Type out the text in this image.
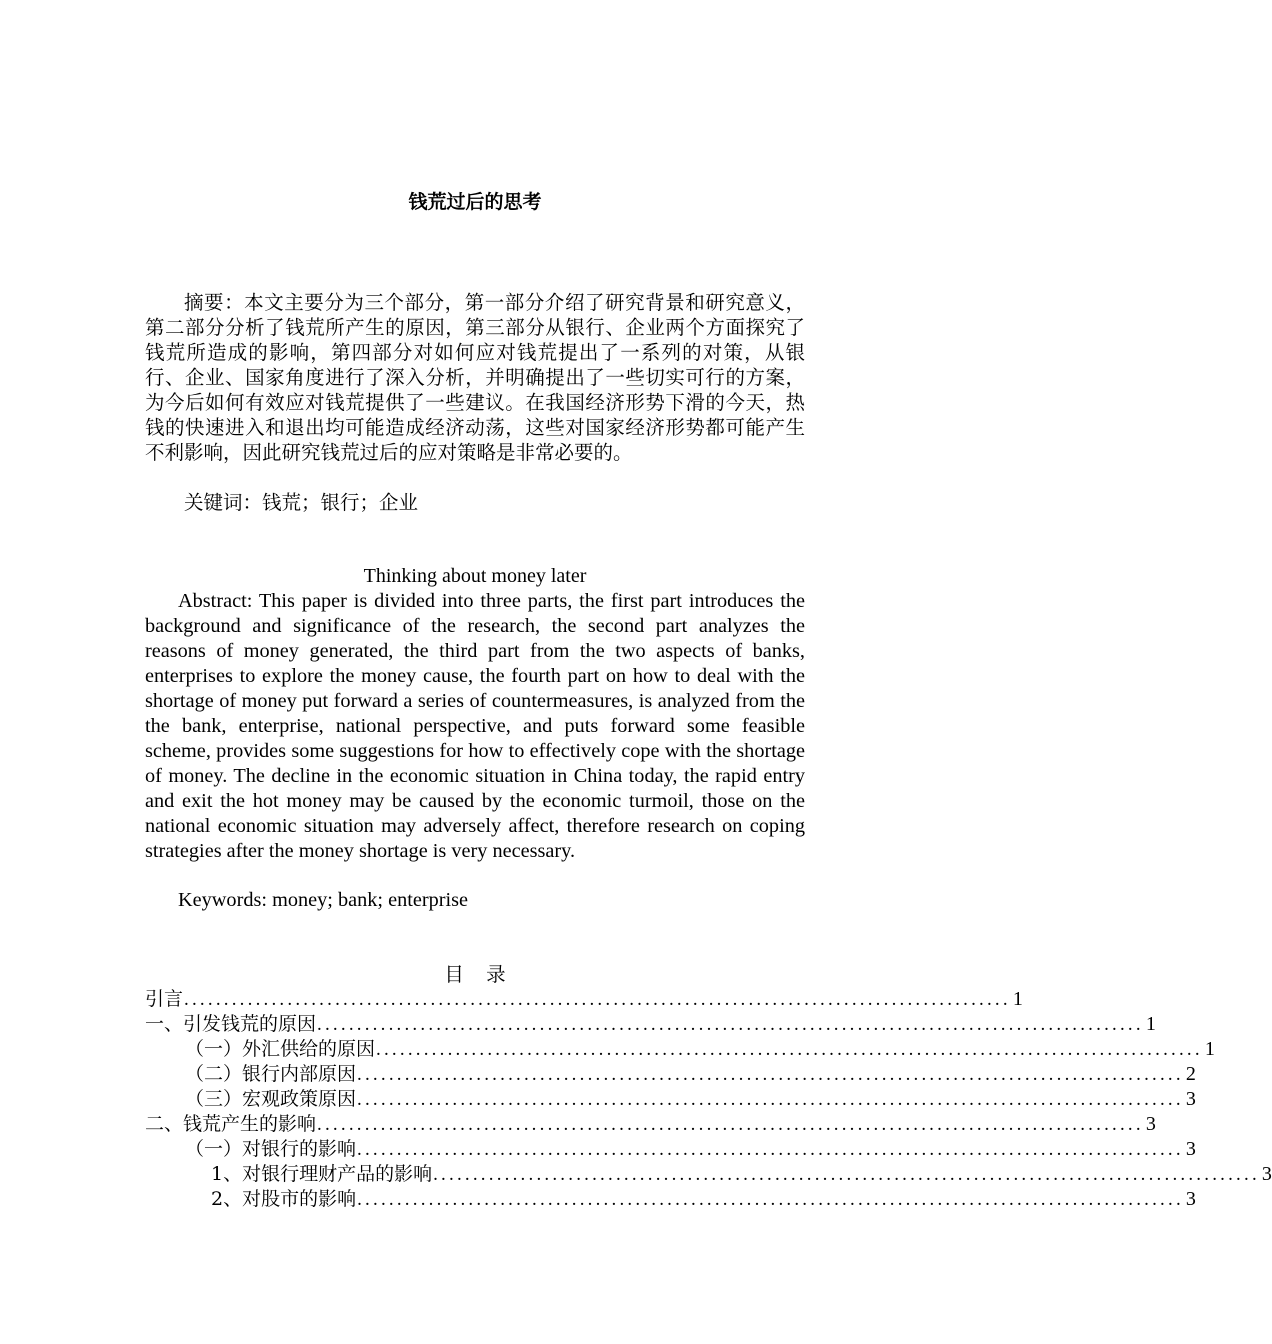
钱荒过后的思考

摘要：本文主要分为三个部分，第一部分介绍了研究背景和研究意义，第二部分分析了钱荒所产生的原因，第三部分从银行、企业两个方面探究了钱荒所造成的影响，第四部分对如何应对钱荒提出了一系列的对策，从银行、企业、国家角度进行了深入分析，并明确提出了一些切实可行的方案，为今后如何有效应对钱荒提供了一些建议。在我国经济形势下滑的今天，热钱的快速进入和退出均可能造成经济动荡，这些对国家经济形势都可能产生不利影响，因此研究钱荒过后的应对策略是非常必要的。

关键词：钱荒；银行；企业

Thinking about money later

Abstract: This paper is divided into three parts, the first part introduces the background and significance of the research, the second part analyzes the reasons of money generated, the third part from the two aspects of banks, enterprises to explore the money cause, the fourth part on how to deal with the shortage of money put forward a series of countermeasures, is analyzed from the the bank, enterprise, national perspective, and puts forward some feasible scheme, provides some suggestions for how to effectively cope with the shortage of money. The decline in the economic situation in China today, the rapid entry and exit the hot money may be caused by the economic turmoil, those on the national economic situation may adversely affect, therefore research on coping strategies after the money shortage is very necessary.

Keywords: money; bank; enterprise

目 录
引言 ........................................................................................................ 1
一、引发钱荒的原因 ........................................................................................................ 1
（一）外汇供给的原因 ........................................................................................................ 1
（二）银行内部原因 ........................................................................................................ 2
（三）宏观政策原因 ........................................................................................................ 3
二、钱荒产生的影响 ........................................................................................................ 3
（一）对银行的影响 ........................................................................................................ 3
1、对银行理财产品的影响 ........................................................................................................ 3
2、对股市的影响 ........................................................................................................ 3
